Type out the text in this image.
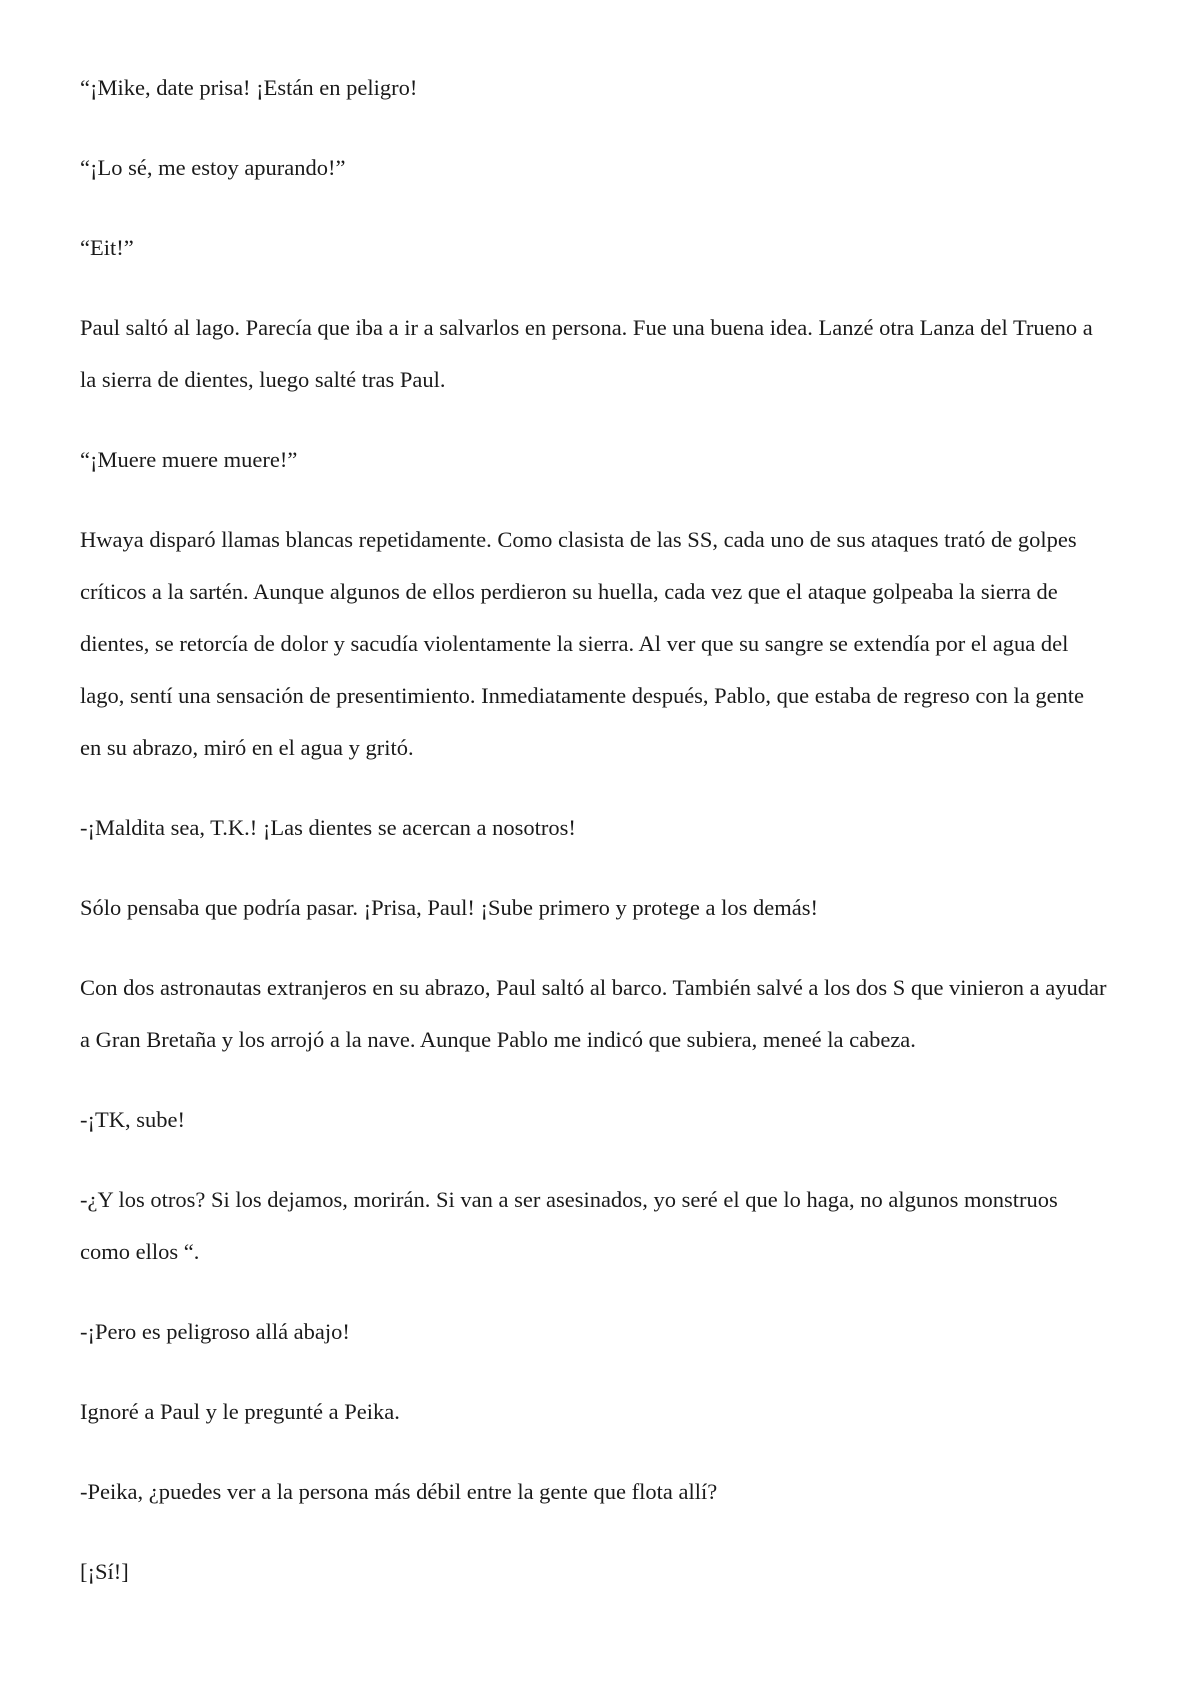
“¡Mike, date prisa! ¡Están en peligro!

“¡Lo sé, me estoy apurando!”

“Eit!”

Paul saltó al lago. Parecía que iba a ir a salvarlos en persona. Fue una buena idea. Lanzé otra Lanza del Trueno a la sierra de dientes, luego salté tras Paul.

“¡Muere muere muere!”

Hwaya disparó llamas blancas repetidamente. Como clasista de las SS, cada uno de sus ataques trató de golpes críticos a la sartén. Aunque algunos de ellos perdieron su huella, cada vez que el ataque golpeaba la sierra de dientes, se retorcía de dolor y sacudía violentamente la sierra. Al ver que su sangre se extendía por el agua del lago, sentí una sensación de presentimiento. Inmediatamente después, Pablo, que estaba de regreso con la gente en su abrazo, miró en el agua y gritó.

-¡Maldita sea, T.K.! ¡Las dientes se acercan a nosotros!

Sólo pensaba que podría pasar. ¡Prisa, Paul! ¡Sube primero y protege a los demás!

Con dos astronautas extranjeros en su abrazo, Paul saltó al barco. También salvé a los dos S que vinieron a ayudar a Gran Bretaña y los arrojó a la nave. Aunque Pablo me indicó que subiera, meneé la cabeza.

-¡TK, sube!

-¿Y los otros? Si los dejamos, morirán. Si van a ser asesinados, yo seré el que lo haga, no algunos monstruos como ellos “.

-¡Pero es peligroso allá abajo!

Ignoré a Paul y le pregunté a Peika.

-Peika, ¿puedes ver a la persona más débil entre la gente que flota allí?

[¡Sí!]
